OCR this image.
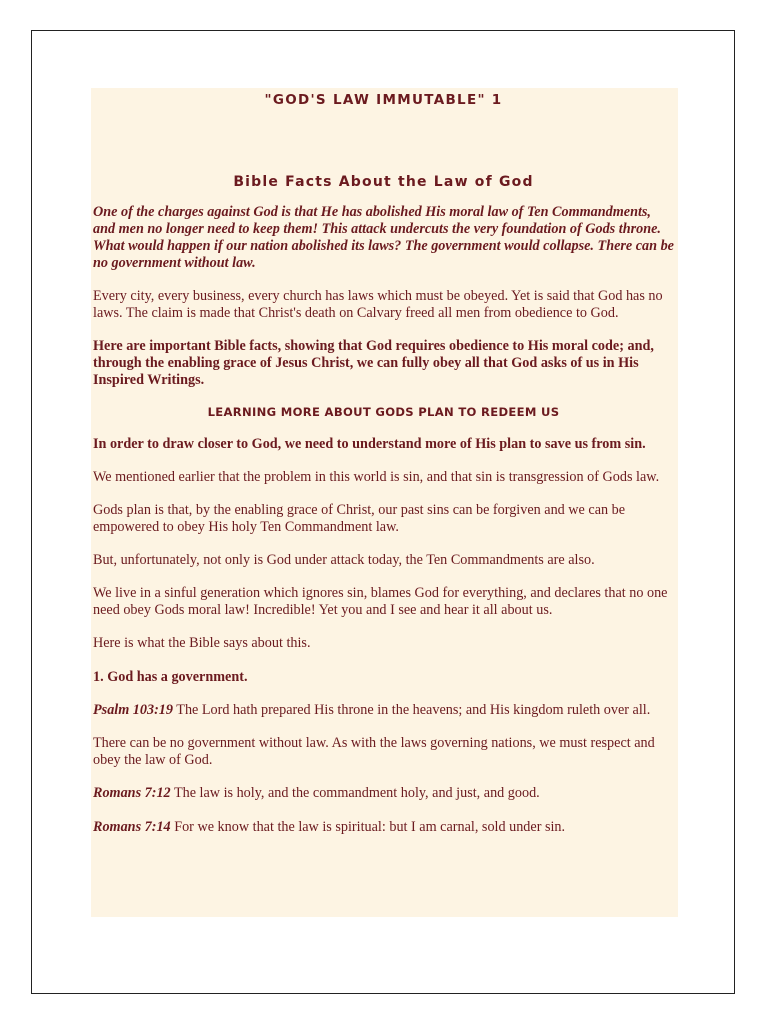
"GOD'S LAW IMMUTABLE" 1
Bible Facts About the Law of God

One of the charges against God is that He has abolished His moral law of Ten Commandments, and men no longer need to keep them! This attack undercuts the very foundation of Gods throne. What would happen if our nation abolished its laws? The government would collapse. There can be no government without law.

Every city, every business, every church has laws which must be obeyed. Yet is said that God has no laws. The claim is made that Christ's death on Calvary freed all men from obedience to God.

Here are important Bible facts, showing that God requires obedience to His moral code; and, through the enabling grace of Jesus Christ, we can fully obey all that God asks of us in His Inspired Writings.

LEARNING MORE ABOUT GODS PLAN TO REDEEM US

In order to draw closer to God, we need to understand more of His plan to save us from sin.

We mentioned earlier that the problem in this world is sin, and that sin is transgression of Gods law.

Gods plan is that, by the enabling grace of Christ, our past sins can be forgiven and we can be empowered to obey His holy Ten Commandment law.

But, unfortunately, not only is God under attack today, the Ten Commandments are also.

We live in a sinful generation which ignores sin, blames God for everything, and declares that no one need obey Gods moral law! Incredible! Yet you and I see and hear it all about us.

Here is what the Bible says about this.

1. God has a government.

Psalm 103:19 The Lord hath prepared His throne in the heavens; and His kingdom ruleth over all.

There can be no government without law. As with the laws governing nations, we must respect and obey the law of God.

Romans 7:12 The law is holy, and the commandment holy, and just, and good.

Romans 7:14 For we know that the law is spiritual: but I am carnal, sold under sin.
